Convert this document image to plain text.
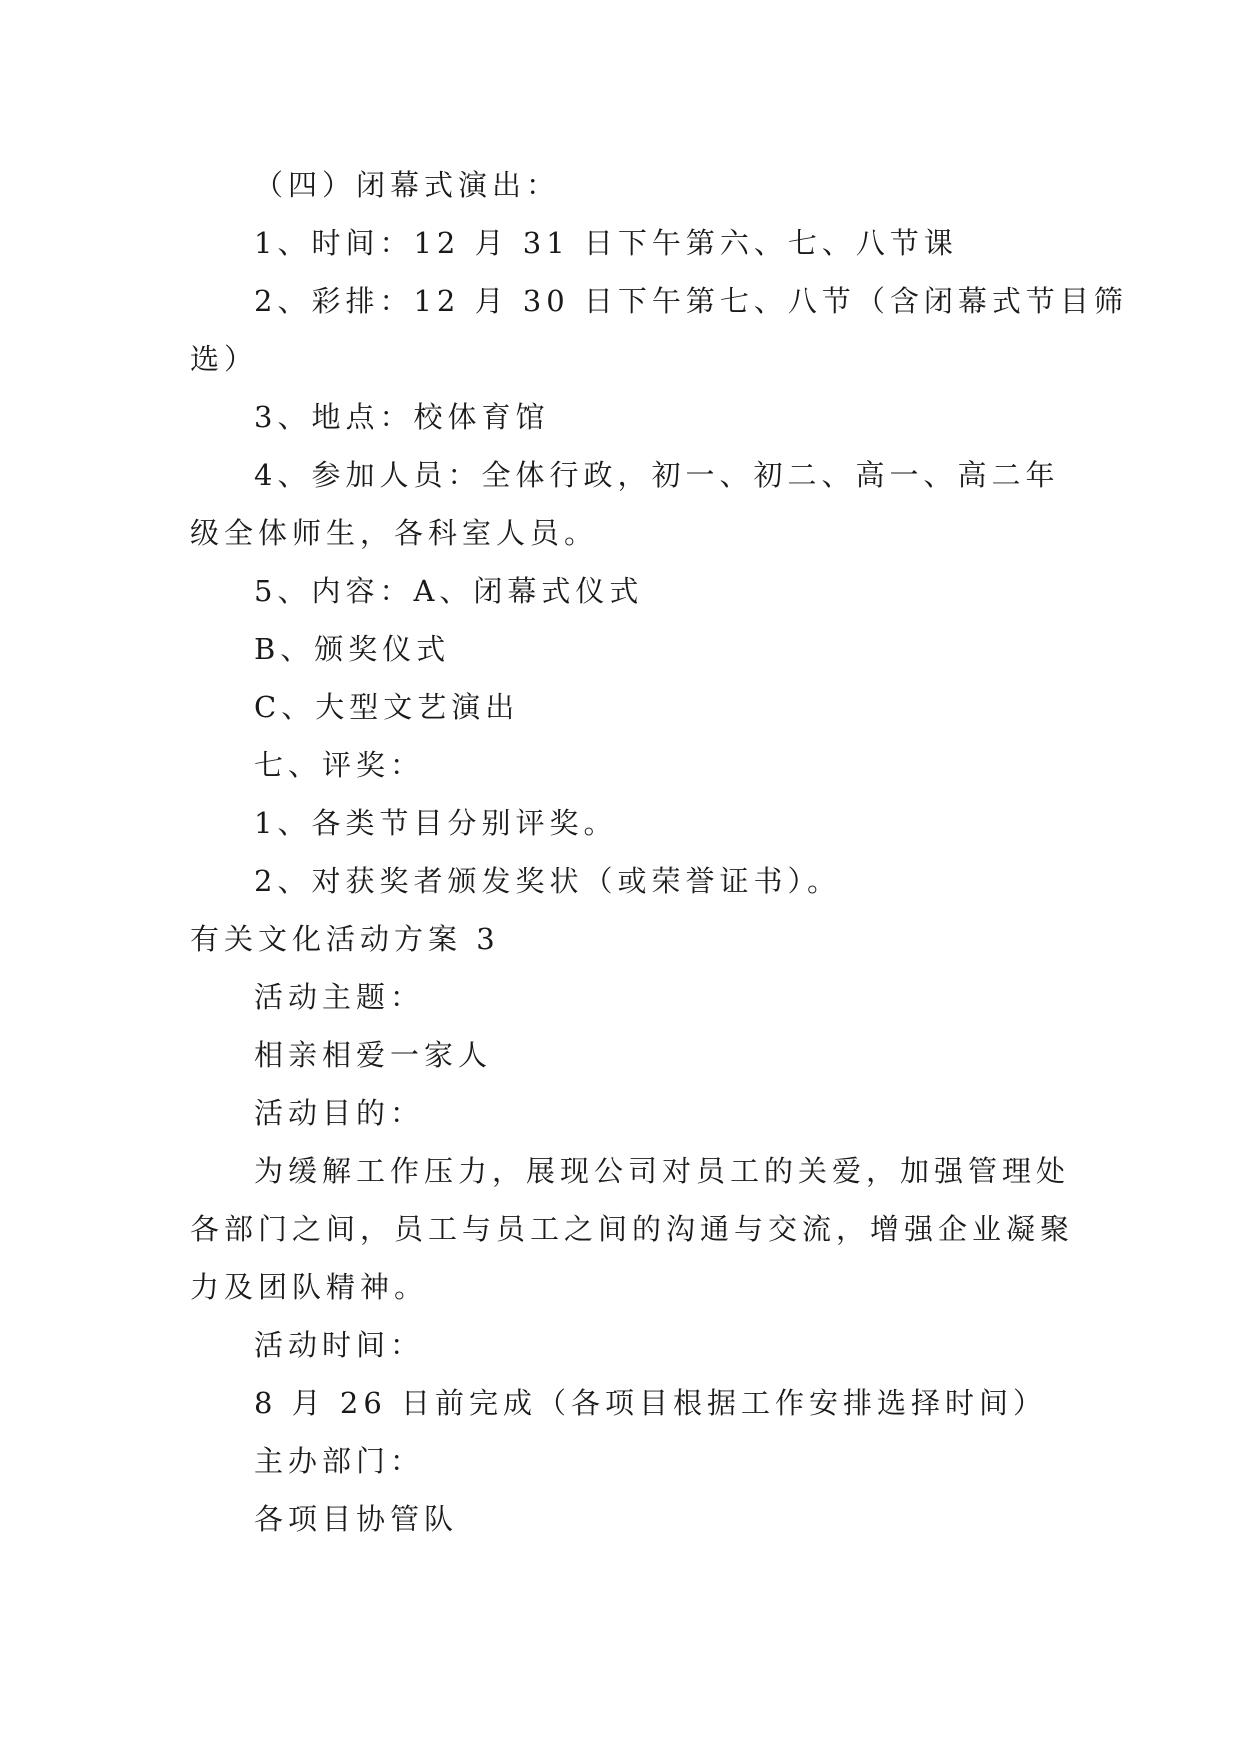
（四）闭幕式演出：
1、时间：12 月 31 日下午第六、七、八节课
2、彩排：12 月 30 日下午第七、八节（含闭幕式节目筛
选）
3、地点：校体育馆
4、参加人员：全体行政，初一、初二、高一、高二年
级全体师生，各科室人员。
5、内容：A、闭幕式仪式
B、颁奖仪式
C、大型文艺演出
七、评奖：
1、各类节目分别评奖。
2、对获奖者颁发奖状（或荣誉证书）。
有关文化活动方案 3
活动主题：
相亲相爱一家人
活动目的：
为缓解工作压力，展现公司对员工的关爱，加强管理处
各部门之间，员工与员工之间的沟通与交流，增强企业凝聚
力及团队精神。
活动时间：
8 月 26 日前完成（各项目根据工作安排选择时间）
主办部门：
各项目协管队
